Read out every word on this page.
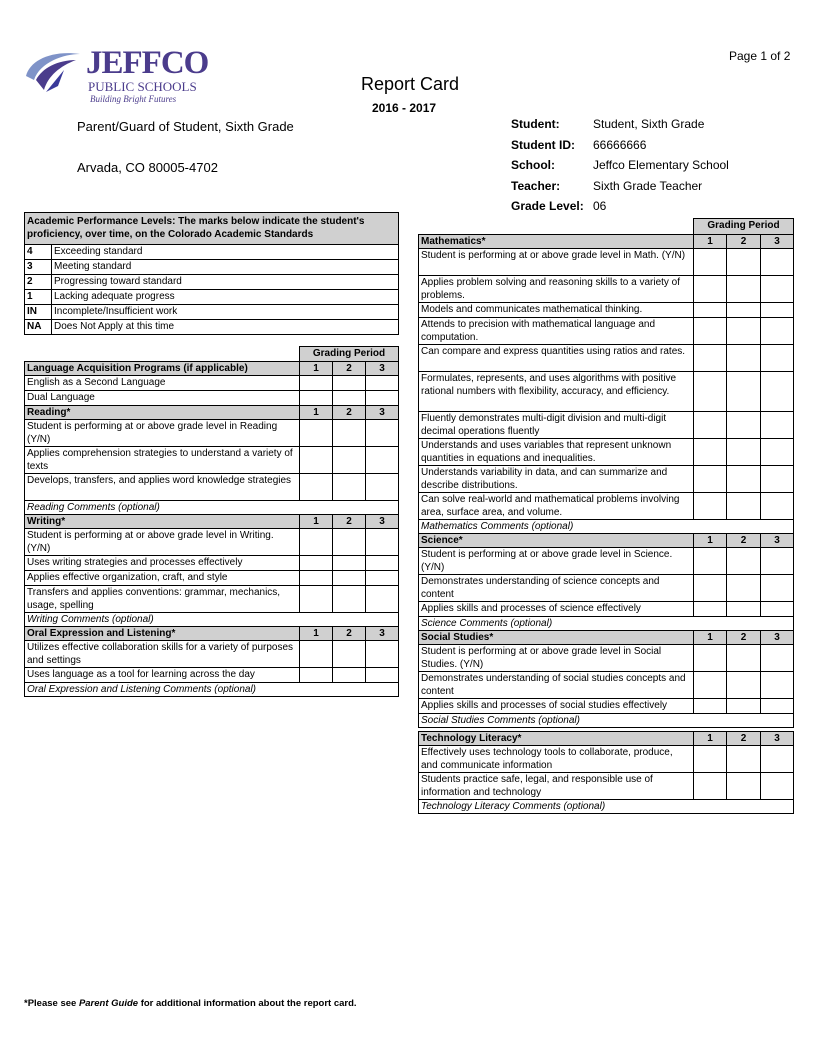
JEFFCO
PUBLIC SCHOOLS
Building Bright Futures
Page 1 of 2
Report Card
2016 - 2017
Parent/Guard of Student, Sixth Grade
Arvada, CO 80005-4702
Student:	Student, Sixth Grade
Student ID:	66666666
School:	Jeffco Elementary School
Teacher:	Sixth Grade Teacher
Grade Level: 06
Academic Performance Levels: The marks below indicate the student's proficiency, over time, on the Colorado Academic Standards	
4	Exceeding standard
3	Meeting standard
2	Progressing toward standard
1	Lacking adequate progress
IN	Incomplete/Insufficient work
NA	Does Not Apply at this time
	Grading Period		
Language Acquisition Programs (if applicable)	1	2	3
English as a Second Language			
Dual Language			
Reading*	1	2	3
Student is performing at or above grade level in Reading (Y/N)			
Applies comprehension strategies to understand a variety of texts			
Develops, transfers, and applies word knowledge strategies			
Reading Comments (optional)			
Writing*	1	2	3
Student is performing at or above grade level in Writing. (Y/N)			
Uses writing strategies and processes effectively			
Applies effective organization, craft, and style			
Transfers and applies conventions: grammar, mechanics, usage, spelling			
Writing Comments (optional)			
Oral Expression and Listening*	1	2	3
Utilizes effective collaboration skills for a variety of purposes and settings			
Uses language as a tool for learning across the day			
Oral Expression and Listening Comments (optional)			
	Grading Period		
Mathematics*	1	2	3
Student is performing at or above grade level in Math. (Y/N)			
Applies problem solving and reasoning skills to a variety of problems.			
Models and communicates mathematical thinking.			
Attends to precision with mathematical language and computation.			
Can compare and express quantities using ratios and rates.			
Formulates, represents, and uses algorithms with positive rational numbers with flexibility, accuracy, and efficiency.			
Fluently demonstrates multi-digit division and multi-digit decimal operations fluently			
Understands and uses variables that represent unknown quantities in equations and inequalities.			
Understands variability in data, and can summarize and describe distributions.			
Can solve real-world and mathematical problems involving area, surface area, and volume.			
Mathematics Comments (optional)			
Science*	1	2	3
Student is performing at or above grade level in Science. (Y/N)			
Demonstrates understanding of science concepts and content			
Applies skills and processes of science effectively			
Science Comments (optional)			
Social Studies*	1	2	3
Student is performing at or above grade level in Social Studies. (Y/N)			
Demonstrates understanding of social studies concepts and content			
Applies skills and processes of social studies effectively			
Social Studies Comments (optional)			

Technology Literacy*	1	2	3
Effectively uses technology tools to collaborate, produce, and communicate information			
Students practice safe, legal, and responsible use of information and technology			
Technology Literacy Comments (optional)			
*Please see Parent Guide for additional information about the report card.
